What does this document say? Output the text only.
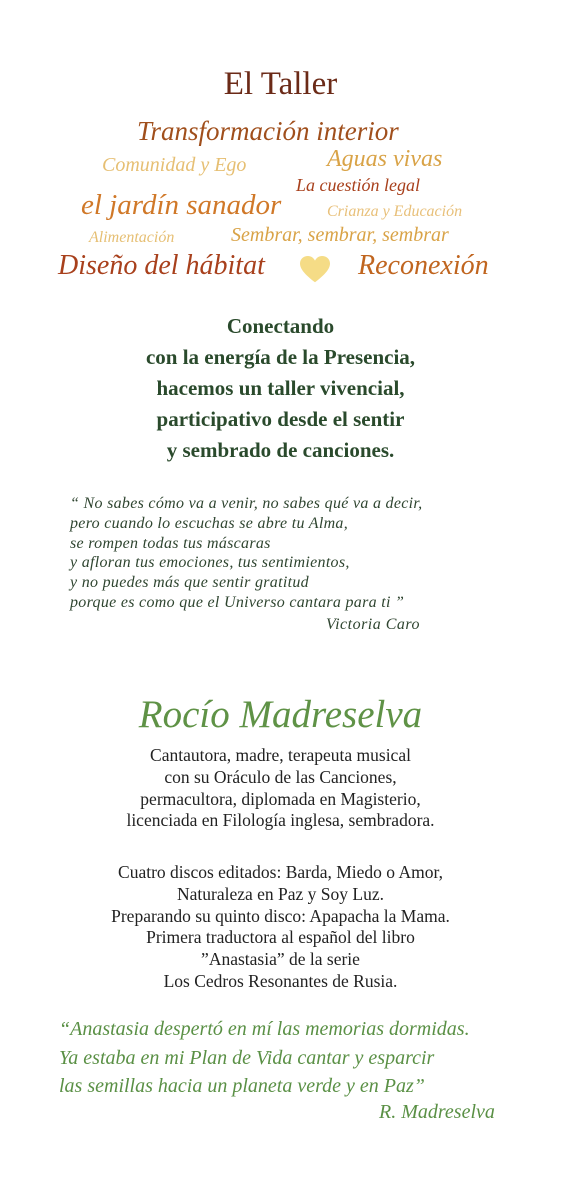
El Taller
Transformación interior
Comunidad y Ego	Aguas vivas
La cuestión legal
el jardín sanador	Crianza y Educación
Alimentación	Sembrar, sembrar, sembrar
Diseño del hábitat	Reconexión
Conectando
con la energía de la Presencia,
hacemos un taller vivencial,
participativo desde el sentir
y sembrado de canciones.
“ No sabes cómo va a venir, no sabes qué va a decir,
pero cuando lo escuchas se abre tu Alma,
se rompen todas tus máscaras
y afloran tus emociones, tus sentimientos,
y no puedes más que sentir gratitud
porque es como que el Universo cantara para ti ”
Victoria Caro
Rocío Madreselva
Cantautora, madre, terapeuta musical
con su Oráculo de las Canciones,
permacultora, diplomada en Magisterio,
licenciada en Filología inglesa, sembradora.
Cuatro discos editados: Barda, Miedo o Amor,
Naturaleza en Paz y Soy Luz.
Preparando su quinto disco: Apapacha la Mama.
Primera traductora al español del libro
”Anastasia” de la serie
Los Cedros Resonantes de Rusia.
“Anastasia despertó en mí las memorias dormidas.
Ya estaba en mi Plan de Vida cantar y esparcir
las semillas hacia un planeta verde y en Paz”
R. Madreselva
